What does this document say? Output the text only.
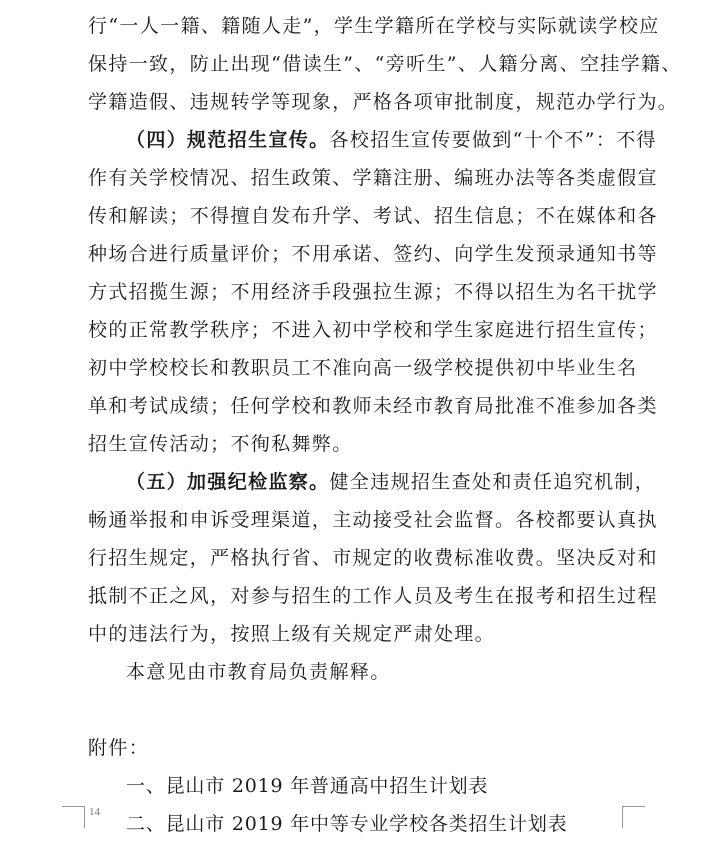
行“一人一籍、籍随人走”，学生学籍所在学校与实际就读学校应
保持一致，防止出现“借读生”、“旁听生”、人籍分离、空挂学籍、
学籍造假、违规转学等现象，严格各项审批制度，规范办学行为。
（四）规范招生宣传。各校招生宣传要做到“十个不”：不得
作有关学校情况、招生政策、学籍注册、编班办法等各类虚假宣
传和解读；不得擅自发布升学、考试、招生信息；不在媒体和各
种场合进行质量评价；不用承诺、签约、向学生发预录通知书等
方式招揽生源；不用经济手段强拉生源；不得以招生为名干扰学
校的正常教学秩序；不进入初中学校和学生家庭进行招生宣传；
初中学校校长和教职员工不准向高一级学校提供初中毕业生名
单和考试成绩；任何学校和教师未经市教育局批准不准参加各类
招生宣传活动；不徇私舞弊。
（五）加强纪检监察。健全违规招生查处和责任追究机制，
畅通举报和申诉受理渠道，主动接受社会监督。各校都要认真执
行招生规定，严格执行省、市规定的收费标准收费。坚决反对和
抵制不正之风，对参与招生的工作人员及考生在报考和招生过程
中的违法行为，按照上级有关规定严肃处理。
本意见由市教育局负责解释。
附件：
一、昆山市 2019 年普通高中招生计划表
二、昆山市 2019 年中等专业学校各类招生计划表
14
